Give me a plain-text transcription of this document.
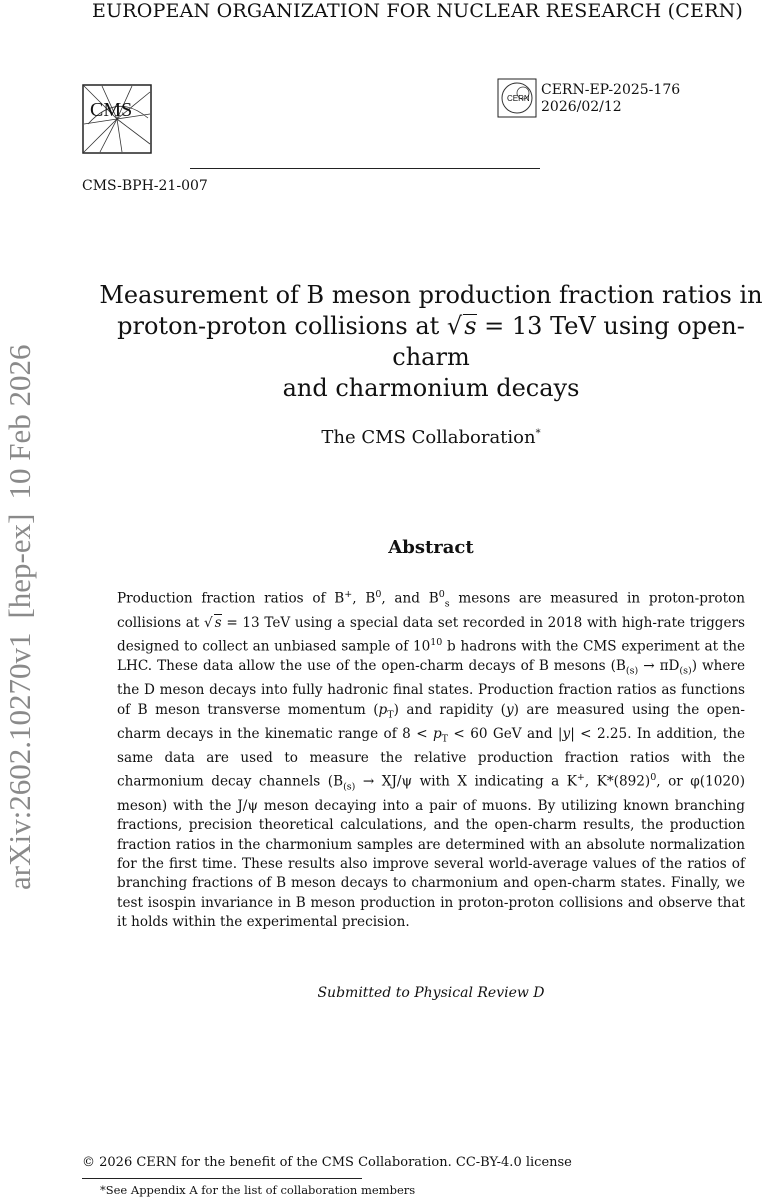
EUROPEAN ORGANIZATION FOR NUCLEAR RESEARCH (CERN)
CMS
CERN
CERN-EP-2025-176
2026/02/12
CMS-BPH-21-007
Measurement of B meson production fraction ratios in
proton-proton collisions at √s = 13 TeV using open-charm
and charmonium decays
The CMS Collaboration*
Abstract
Production fraction ratios of B+, $B^0$, and $B^0_s$ mesons are measured in proton-proton collisions at √ s = 13 TeV using a special data set recorded in 2018 with high-rate triggers designed to collect an unbiased sample of $10^{10}$ b hadrons with the CMS experiment at the LHC. These data allow the use of the open-charm decays of B mesons $(B_{(s)} \to \pi D_{(s)})$ where the D meson decays into fully hadronic final states. Production fraction ratios as functions of B meson transverse momentum $(p_T)$ and rapidity (y) are measured using the open-charm decays in the kinematic range of $8 < p_T < 60$ GeV and |y| < 2.25. In addition, the same data are used to measure the relative production fraction ratios with the charmonium decay channels ($B_{(s)} \to XJ/\psi$ with X indicating a K+, $K*(892)^0$, or φ(1020) meson) with the J/ψ meson decaying into a pair of muons. By utilizing known branching fractions, precision theoretical calculations, and the open-charm results, the production fraction ratios in the charmonium samples are determined with an absolute normalization for the first time. These results also improve several world-average values of the ratios of branching fractions of B meson decays to charmonium and open-charm states. Finally, we test isospin invariance in B meson production in proton-proton collisions and observe that it holds within the experimental precision.
Submitted to Physical Review D
© 2026 CERN for the benefit of the CMS Collaboration. CC-BY-4.0 license
*See Appendix A for the list of collaboration members
arXiv:2602.10270v1[hep-ex]10 Feb 2026
